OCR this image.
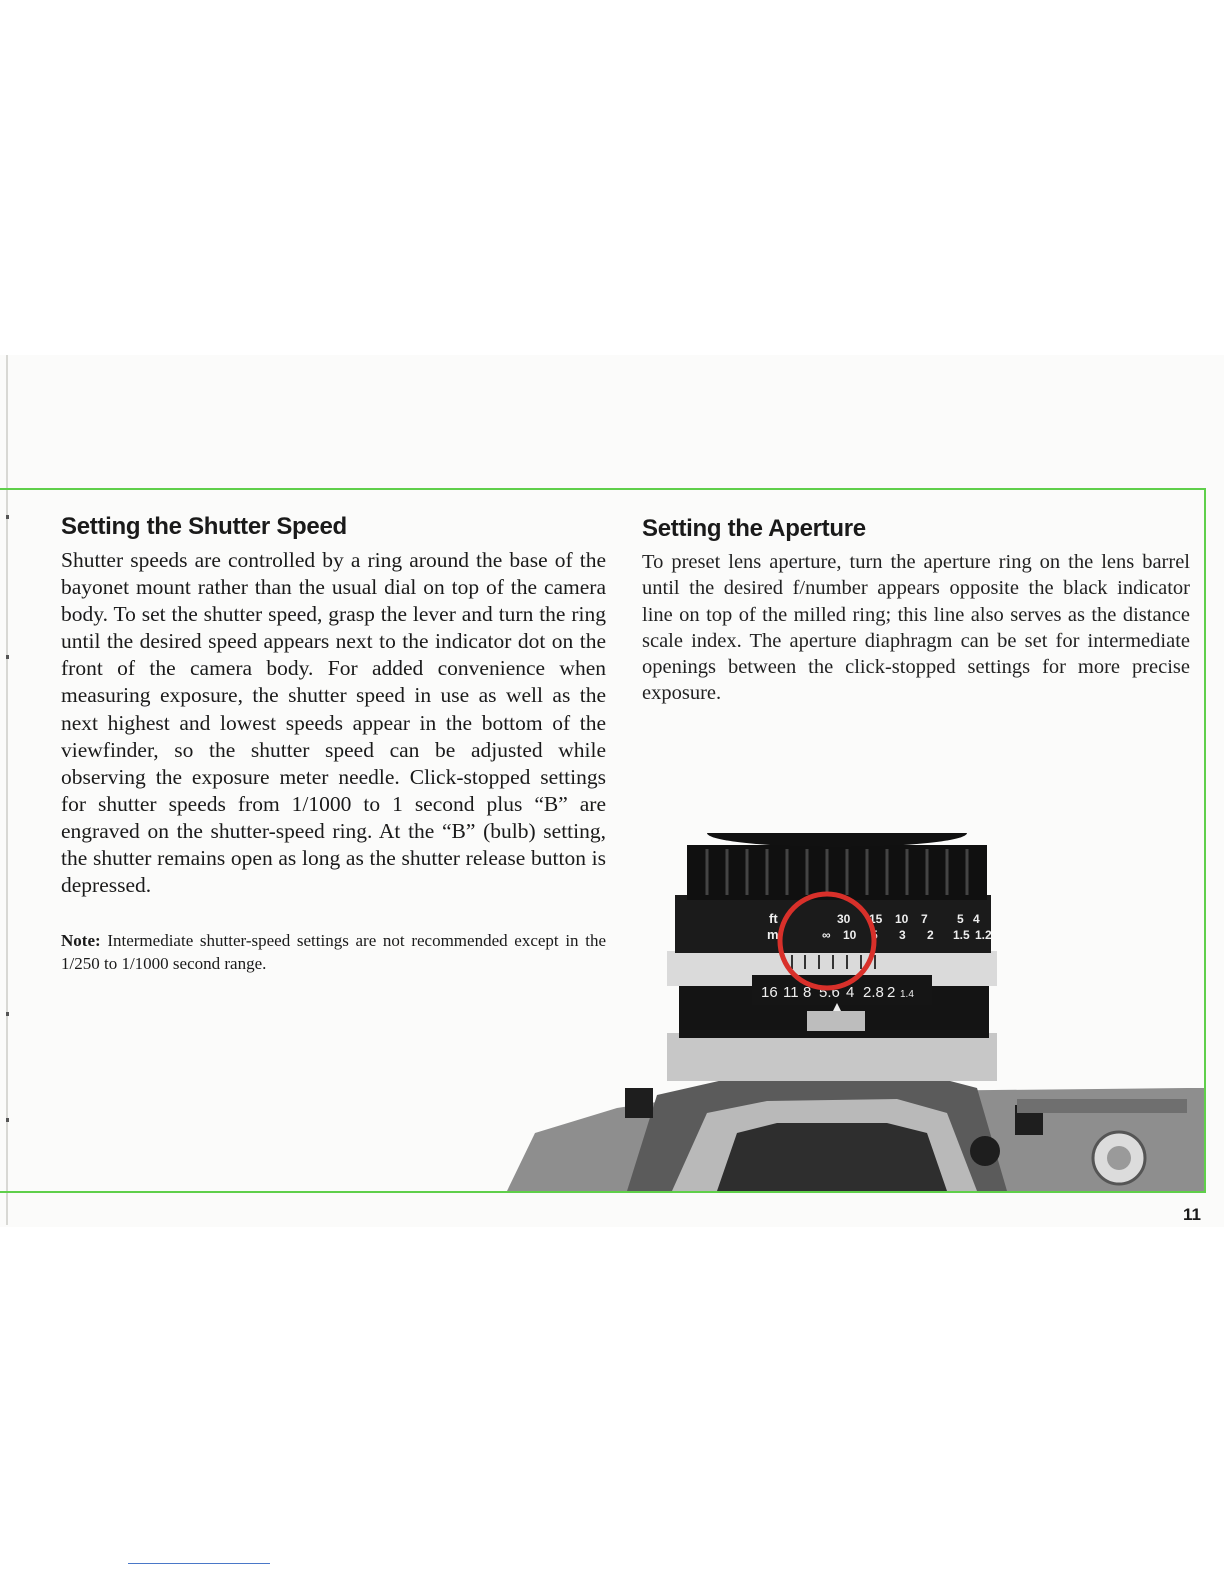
Setting the Shutter Speed

Shutter speeds are controlled by a ring around the base of the bayonet mount rather than the usual dial on top of the camera body. To set the shutter speed, grasp the lever and turn the ring until the desired speed appears next to the indicator dot on the front of the camera body. For added convenience when measuring exposure, the shutter speed in use as well as the next highest and lowest speeds appear in the bottom of the viewfinder, so the shutter speed can be adjusted while observing the exposure meter needle. Click-stopped settings for shutter speeds from 1/1000 to 1 second plus “B” are engraved on the shutter-speed ring. At the “B” (bulb) setting, the shutter remains open as long as the shutter release button is depressed.

Note: Intermediate shutter-speed settings are not recommended except in the 1/250 to 1/1000 second range.

Setting the Aperture

To preset lens aperture, turn the aperture ring on the lens barrel until the desired f/number appears opposite the black indicator line on top of the milled ring; this line also serves as the distance scale index. The aperture diaphragm can be set for intermediate openings between the click-stopped settings for more precise exposure.

ft
m
30 15 10 7 5 4
∞ 10 5 3 2 1.5 1.2
16 11 8 5.6 4 2.8 2 1.4
11
